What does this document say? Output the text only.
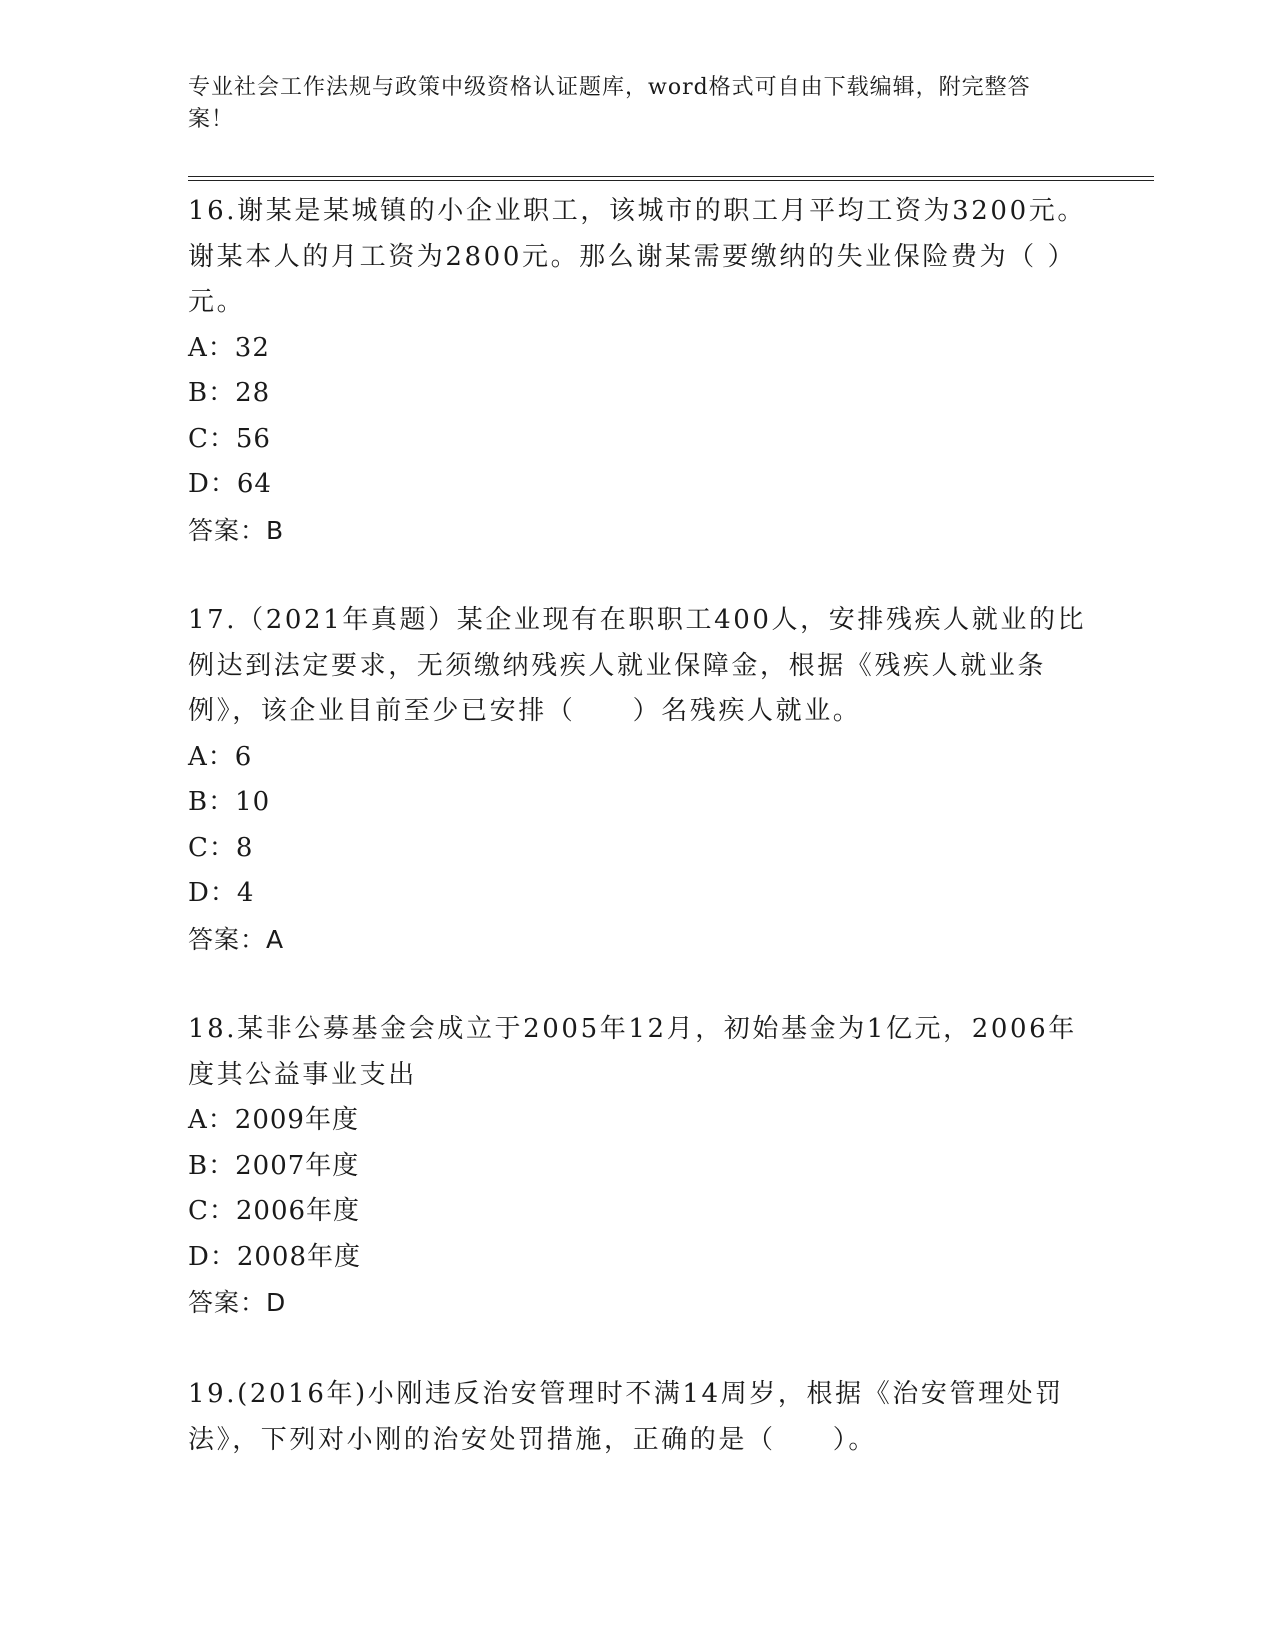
专业社会工作法规与政策中级资格认证题库，word格式可自由下载编辑，附完整答案！
16.谢某是某城镇的小企业职工，该城市的职工月平均工资为3200元。谢某本人的月工资为2800元。那么谢某需要缴纳的失业保险费为（ ）元。
A：32
B：28
C：56
D：64
答案：B
17.（2021年真题）某企业现有在职职工400人，安排残疾人就业的比例达到法定要求，无须缴纳残疾人就业保障金，根据《残疾人就业条例》，该企业目前至少已安排（　　）名残疾人就业。
A：6
B：10
C：8
D：4
答案：A
18.某非公募基金会成立于2005年12月，初始基金为1亿元，2006年度其公益事业支出
A：2009年度
B：2007年度
C：2006年度
D：2008年度
答案：D
19.(2016年)小刚违反治安管理时不满14周岁，根据《治安管理处罚法》，下列对小刚的治安处罚措施，正确的是（　　）。
